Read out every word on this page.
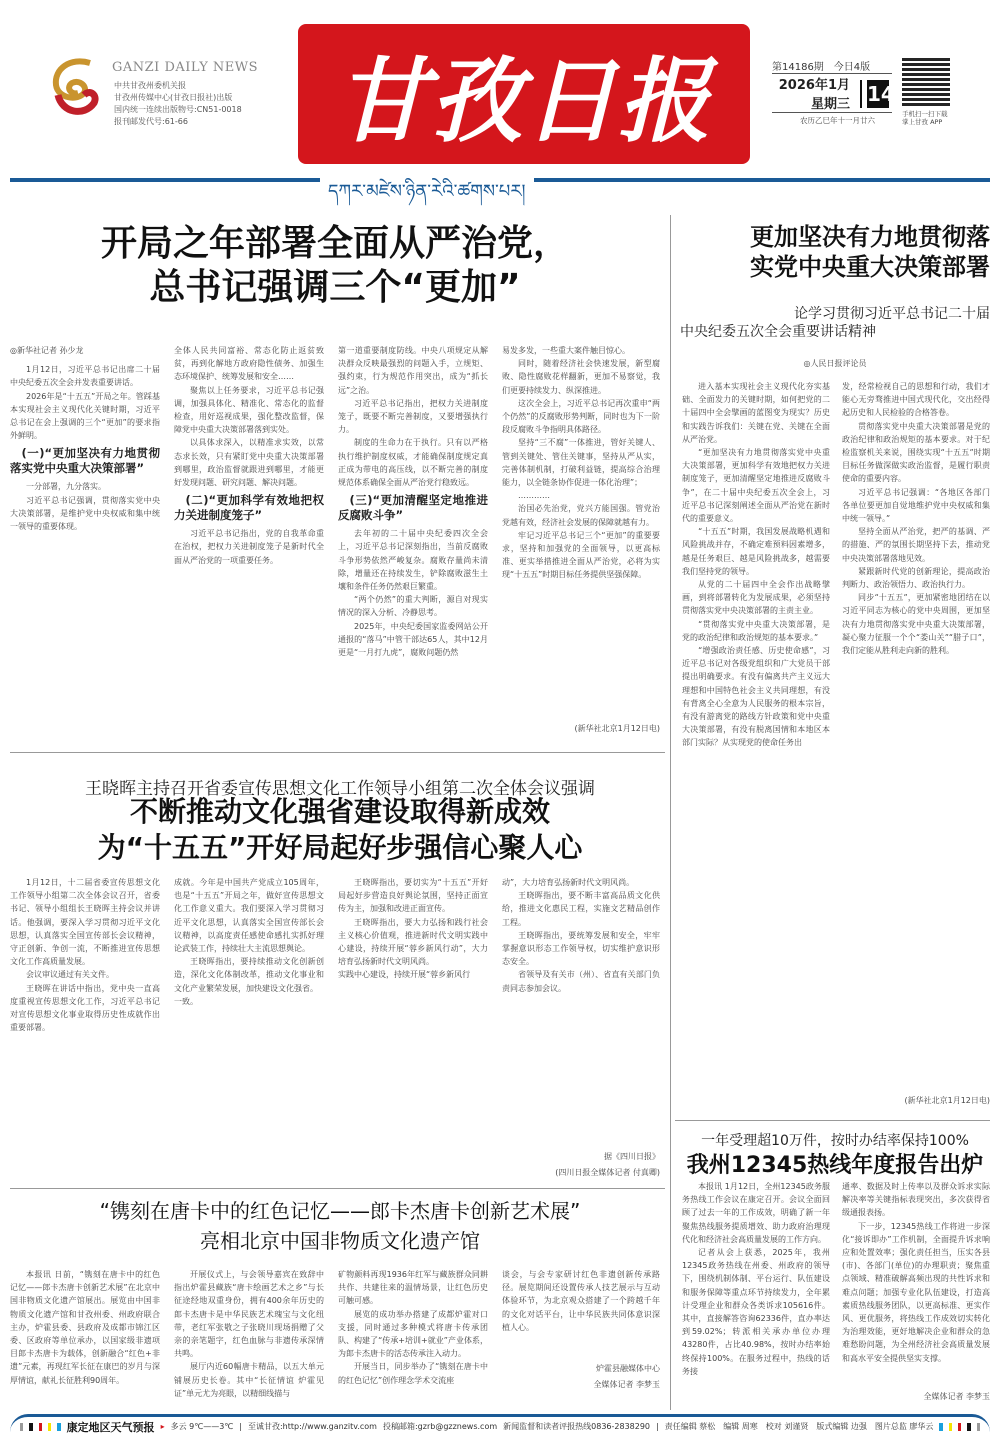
GANZI DAILY NEWS
中共甘孜州委机关报
甘孜州传媒中心(甘孜日报社)出版
国内统一连续出版物号:CN51-0018
报刊邮发代号:61-66	甘孜日报	第14186期　今日4版
2026年1月
星期三 14
农历乙巳年十一月廿六
手机扫一扫下载 掌上甘孜 APP
དཀར་མཛེས་ཉིན་རེའི་ཚགས་པར།
开局之年部署全面从严治党，
总书记强调三个“更加”

◎新华社记者 孙少龙

1月12日，习近平总书记出席二十届中央纪委五次全会并发表重要讲话。

2026年是“十五五”开局之年。管踩基本实现社会主义现代化关键时期，习近平总书记在会上强调的三个“更加”的要求指外鲜明。

(一)“更加坚决有力地贯彻落实党中央重大决策部署”

一分部署，九分落实。

习近平总书记强调，贯彻落实党中央大决策部署，是维护党中央权威和集中统一领导的重要体现。

全体人民共同富裕、常态化防止返贫致贫，再到化解地方政府隐性债务、加强生态环境保护、统筹发展和安全……

聚焦以上任务要求，习近平总书记强调，加强具体化、精准化、常态化的监督检查，用好巡视成果，强化整改监督，保障党中央重大决策部署落到实处。

以具体求深入，以精准求实效，以常态求长效，只有紧盯党中央重大决策部署到哪里，政治监督就跟进到哪里，才能更好发现问题、研究问题、解决问题。

(二)“更加科学有效地把权力关进制度笼子”

习近平总书记指出，党的自我革命重在治权，把权力关进制度笼子是新时代全面从严治党的一项重要任务。

第一道重要制度防线。中央八项规定从解决群众反映最强烈的问题入手，立规矩、强约束，行为规范作用突出，成为“抓长远”之治。

习近平总书记指出，把权力关进制度笼子，既要不断完善制度，又要增强执行力。

制度的生命力在于执行。只有以严格执行维护制度权威，才能确保制度规定真正成为带电的高压线，以不断完善的制度规范体系确保全面从严治党行稳致远。

(三)“更加清醒坚定地推进反腐败斗争”

去年初的二十届中央纪委四次全会上，习近平总书记深刻指出，当前反腐败斗争形势依然严峻复杂。腐败存量尚未清除，增量还在持续发生，铲除腐败滋生土壤和条件任务仍然艰巨繁重。

“两个仍然”的重大判断，源自对现实情况的深入分析、冷静思考。

2025年，中央纪委国家监委网站公开通报的“落马”中管干部达65人，其中12月更是“一月打九虎”，腐败问题仍然

易发多发，一些重大案件触目惊心。

同时，随着经济社会快速发展，新型腐败、隐性腐败花样翻新，更加不易察觉，我们更要持续发力、纵深推进。

这次全会上，习近平总书记再次重申“两个仍然”的反腐败形势判断，同时也为下一阶段反腐败斗争指明具体路径。

坚持“三不腐”一体推进，管好关键人、管到关键处、管住关键事，坚持从严从实，完善体制机制，打破利益链，提高综合治理能力，以全链条协作促进一体化治理”；

…………

治国必先治党，党兴方能国强。管党治党越有效，经济社会发展的保障就越有力。

牢记习近平总书记三个“更加”的重要要求，坚持和加强党的全面领导，以更高标准、更实举措推进全面从严治党，必将为实现“十五五”时期目标任务提供坚强保障。

(新华社北京1月12日电)
更加坚决有力地贯彻落
实党中央重大决策部署
论学习贯彻习近平总书记二十届
中央纪委五次全会重要讲话精神
◎人民日报评论员

进入基本实现社会主义现代化夯实基础、全面发力的关键时期，如何把党的二十届四中全会擘画的蓝图变为现实？历史和实践告诉我们：关键在党、关键在全面从严治党。

“更加坚决有力地贯彻落实党中央重大决策部署，更加科学有效地把权力关进制度笼子，更加清醒坚定地推进反腐败斗争”，在二十届中央纪委五次全会上，习近平总书记深刻阐述全面从严治党在新时代的重要意义。

“十五五”时期，我国发展战略机遇和风险挑战并存，不确定难预料因素增多，越是任务艰巨、越是风险挑战多，越需要我们坚持党的领导。

从党的二十届四中全会作出战略擘画，到将部署转化为发展成果，必须坚持贯彻落实党中央决策部署的主责主业。

“贯彻落实党中央重大决策部署，是党的政治纪律和政治规矩的基本要求。”

“增强政治责任感、历史使命感”，习近平总书记对各级党组织和广大党员干部提出明确要求。有没有偏离共产主义远大理想和中国特色社会主义共同理想，有没有背离全心全意为人民服务的根本宗旨，有没有游离党的路线方针政策和党中央重大决策部署，有没有脱离国情和本地区本部门实际？从实现党的使命任务出

发，经常检视自己的思想和行动，我们才能心无旁骛推进中国式现代化，交出经得起历史和人民检验的合格答卷。

贯彻落实党中央重大决策部署是党的政治纪律和政治规矩的基本要求。对于纪检监察机关来说，围绕实现“十五五”时期目标任务做深做实政治监督，是履行职责使命的重要内容。

习近平总书记强调：“各地区各部门各单位要更加自觉地维护党中央权威和集中统一领导。”

坚持全面从严治党，把严的基调、严的措施、严的氛围长期坚持下去，推动党中央决策部署落地见效。

紧跟新时代党的创新理论，提高政治判断力、政治领悟力、政治执行力。

同步“十五五”，更加紧密地团结在以习近平同志为核心的党中央周围，更加坚决有力地贯彻落实党中央重大决策部署，凝心聚力征服一个个“娄山关”“腊子口”，我们定能从胜利走向新的胜利。

(新华社北京1月12日电)
王晓晖主持召开省委宣传思想文化工作领导小组第二次全体会议强调
不断推动文化强省建设取得新成效
为“十五五”开好局起好步强信心聚人心

1月12日，十二届省委宣传思想文化工作领导小组第二次全体会议召开，省委书记、领导小组组长王晓晖主持会议并讲话。他强调，要深入学习贯彻习近平文化思想，认真落实全国宣传部长会议精神，守正创新、争创一流，不断推进宣传思想文化工作高质量发展。

会议审议通过有关文件。

王晓晖在讲话中指出，党中央一直高度重视宣传思想文化工作，习近平总书记对宣传思想文化事业取得历史性成就作出重要部署。

成就。今年是中国共产党成立105周年，也是“十五五”开局之年，做好宣传思想文化工作意义重大。我们要深入学习贯彻习近平文化思想，认真落实全国宣传部长会议精神，以高度责任感使命感扎实抓好理论武装工作，持续壮大主流思想舆论。

王晓晖指出，要持续推动文化创新创造，深化文化体制改革，推动文化事业和文化产业繁荣发展，加快建设文化强省。

一致。

王晓晖指出，要切实为“十五五”开好局起好步营造良好舆论氛围，坚持正面宣传为主，加强和改进正面宣传。

王晓晖指出，要大力弘扬和践行社会主义核心价值观，推进新时代文明实践中心建设，持续开展“蓉乡新风行动”，大力培育弘扬新时代文明风尚。

实践中心建设，持续开展“蓉乡新风行

动”，大力培育弘扬新时代文明风尚。

王晓晖指出，要不断丰富高品质文化供给，推进文化惠民工程，实施文艺精品创作工程。

王晓晖指出，要统筹发展和安全，牢牢掌握意识形态工作领导权，切实维护意识形态安全。

省领导及有关市（州）、省直有关部门负责同志参加会议。

据《四川日报》
(四川日报全媒体记者 付真卿)
一年受理超10万件，按时办结率保持100%
我州12345热线年度报告出炉

本报讯 1月12日，全州12345政务服务热线工作会议在康定召开。会议全面回顾了过去一年的工作成效，明确了新一年聚焦热线服务提质增效、助力政府治理现代化和经济社会高质量发展的工作方向。

记者从会上获悉，2025年，我州12345政务热线在州委、州政府的领导下，围绕机制体制、平台运行、队伍建设和服务保障等重点环节持续发力，全年累计受理企业和群众各类诉求105616件。其中，直接解答咨询62336件，直办率达到59.02%；转派相关承办单位办理43280件，占比40.98%，按时办结率始终保持100%。在服务过程中，热线的话务接

通率、数据及时上传率以及群众诉求实际解决率等关键指标表现突出，多次获得省级通报表扬。

下一步，12345热线工作将进一步深化“接诉即办”工作机制，全面提升诉求响应和处置效率；强化责任担当，压实各县(市)、各部门(单位)的办理职责；聚焦重点领域、精准破解高频出现的共性诉求和难点问题；加强专业化队伍建设，打造高素质热线服务团队，以更高标准、更实作风、更优服务，将热线工作成效切实转化为治理效能，更好地解决企业和群众的急难愁盼问题，为全州经济社会高质量发展和高水平安全提供坚实支撑。

全媒体记者 李梦玉
“镌刻在唐卡中的红色记忆——郎卡杰唐卡创新艺术展”
亮相北京中国非物质文化遗产馆

本报讯 日前，“镌刻在唐卡中的红色记忆——郎卡杰唐卡创新艺术展”在北京中国非物质文化遗产馆展出。展览由中国非物质文化遗产馆和甘孜州委、州政府联合主办，炉霍县委、县政府及成都市锦江区委、区政府等单位承办，以国家级非遗项目郎卡杰唐卡为载体，创新融合“红色+非遗”元素，再现红军长征在康巴的岁月与深厚情谊，献礼长征胜利90周年。

开展仪式上，与会领导嘉宾在致辞中指出炉霍县藏族“唐卡绘画艺术之乡”与长征途经地双重身份，拥有400余年历史的郎卡杰唐卡是中华民族艺术瑰宝与文化纽带，老红军张敬之子张晓川现场捐赠了父亲的亲笔题字，红色血脉与非遗传承深情共鸣。

展厅内近60幅唐卡精品，以五大单元铺展历史长卷。其中“长征情谊 炉霍见证”单元尤为亮眼，以精细线描与

矿物颜料再现1936年红军与藏族群众同耕共作、共建往来的温情场景，让红色历史可触可感。

展览的成功举办搭建了成都炉霍对口支援，同时通过多种模式将唐卡传承团队、构建了“传承+培训+就业”产业体系，为郎卡杰唐卡的活态传承注入动力。

开展当日，同步举办了“镌刻在唐卡中的红色记忆”创作理念学术交流座

谈会，与会专家研讨红色非遗创新传承路径。展览期间还设置传承人技艺展示与互动体验环节，为北京观众搭建了一个跨越千年的文化对话平台，让中华民族共同体意识深植人心。

炉霍县融媒体中心
全媒体记者 李梦玉
康定地区天气预报 ▸ 多云 9℃——3℃ | 至诚甘孜:http://www.ganzitv.com 投稿邮箱:gzrb@gzznews.com 新闻监督和读者评报热线0836-2838290 | 责任编辑 蔡松　编辑 周寒　校对 刘谨贤　版式编辑 边强　图片总监 廖华云
